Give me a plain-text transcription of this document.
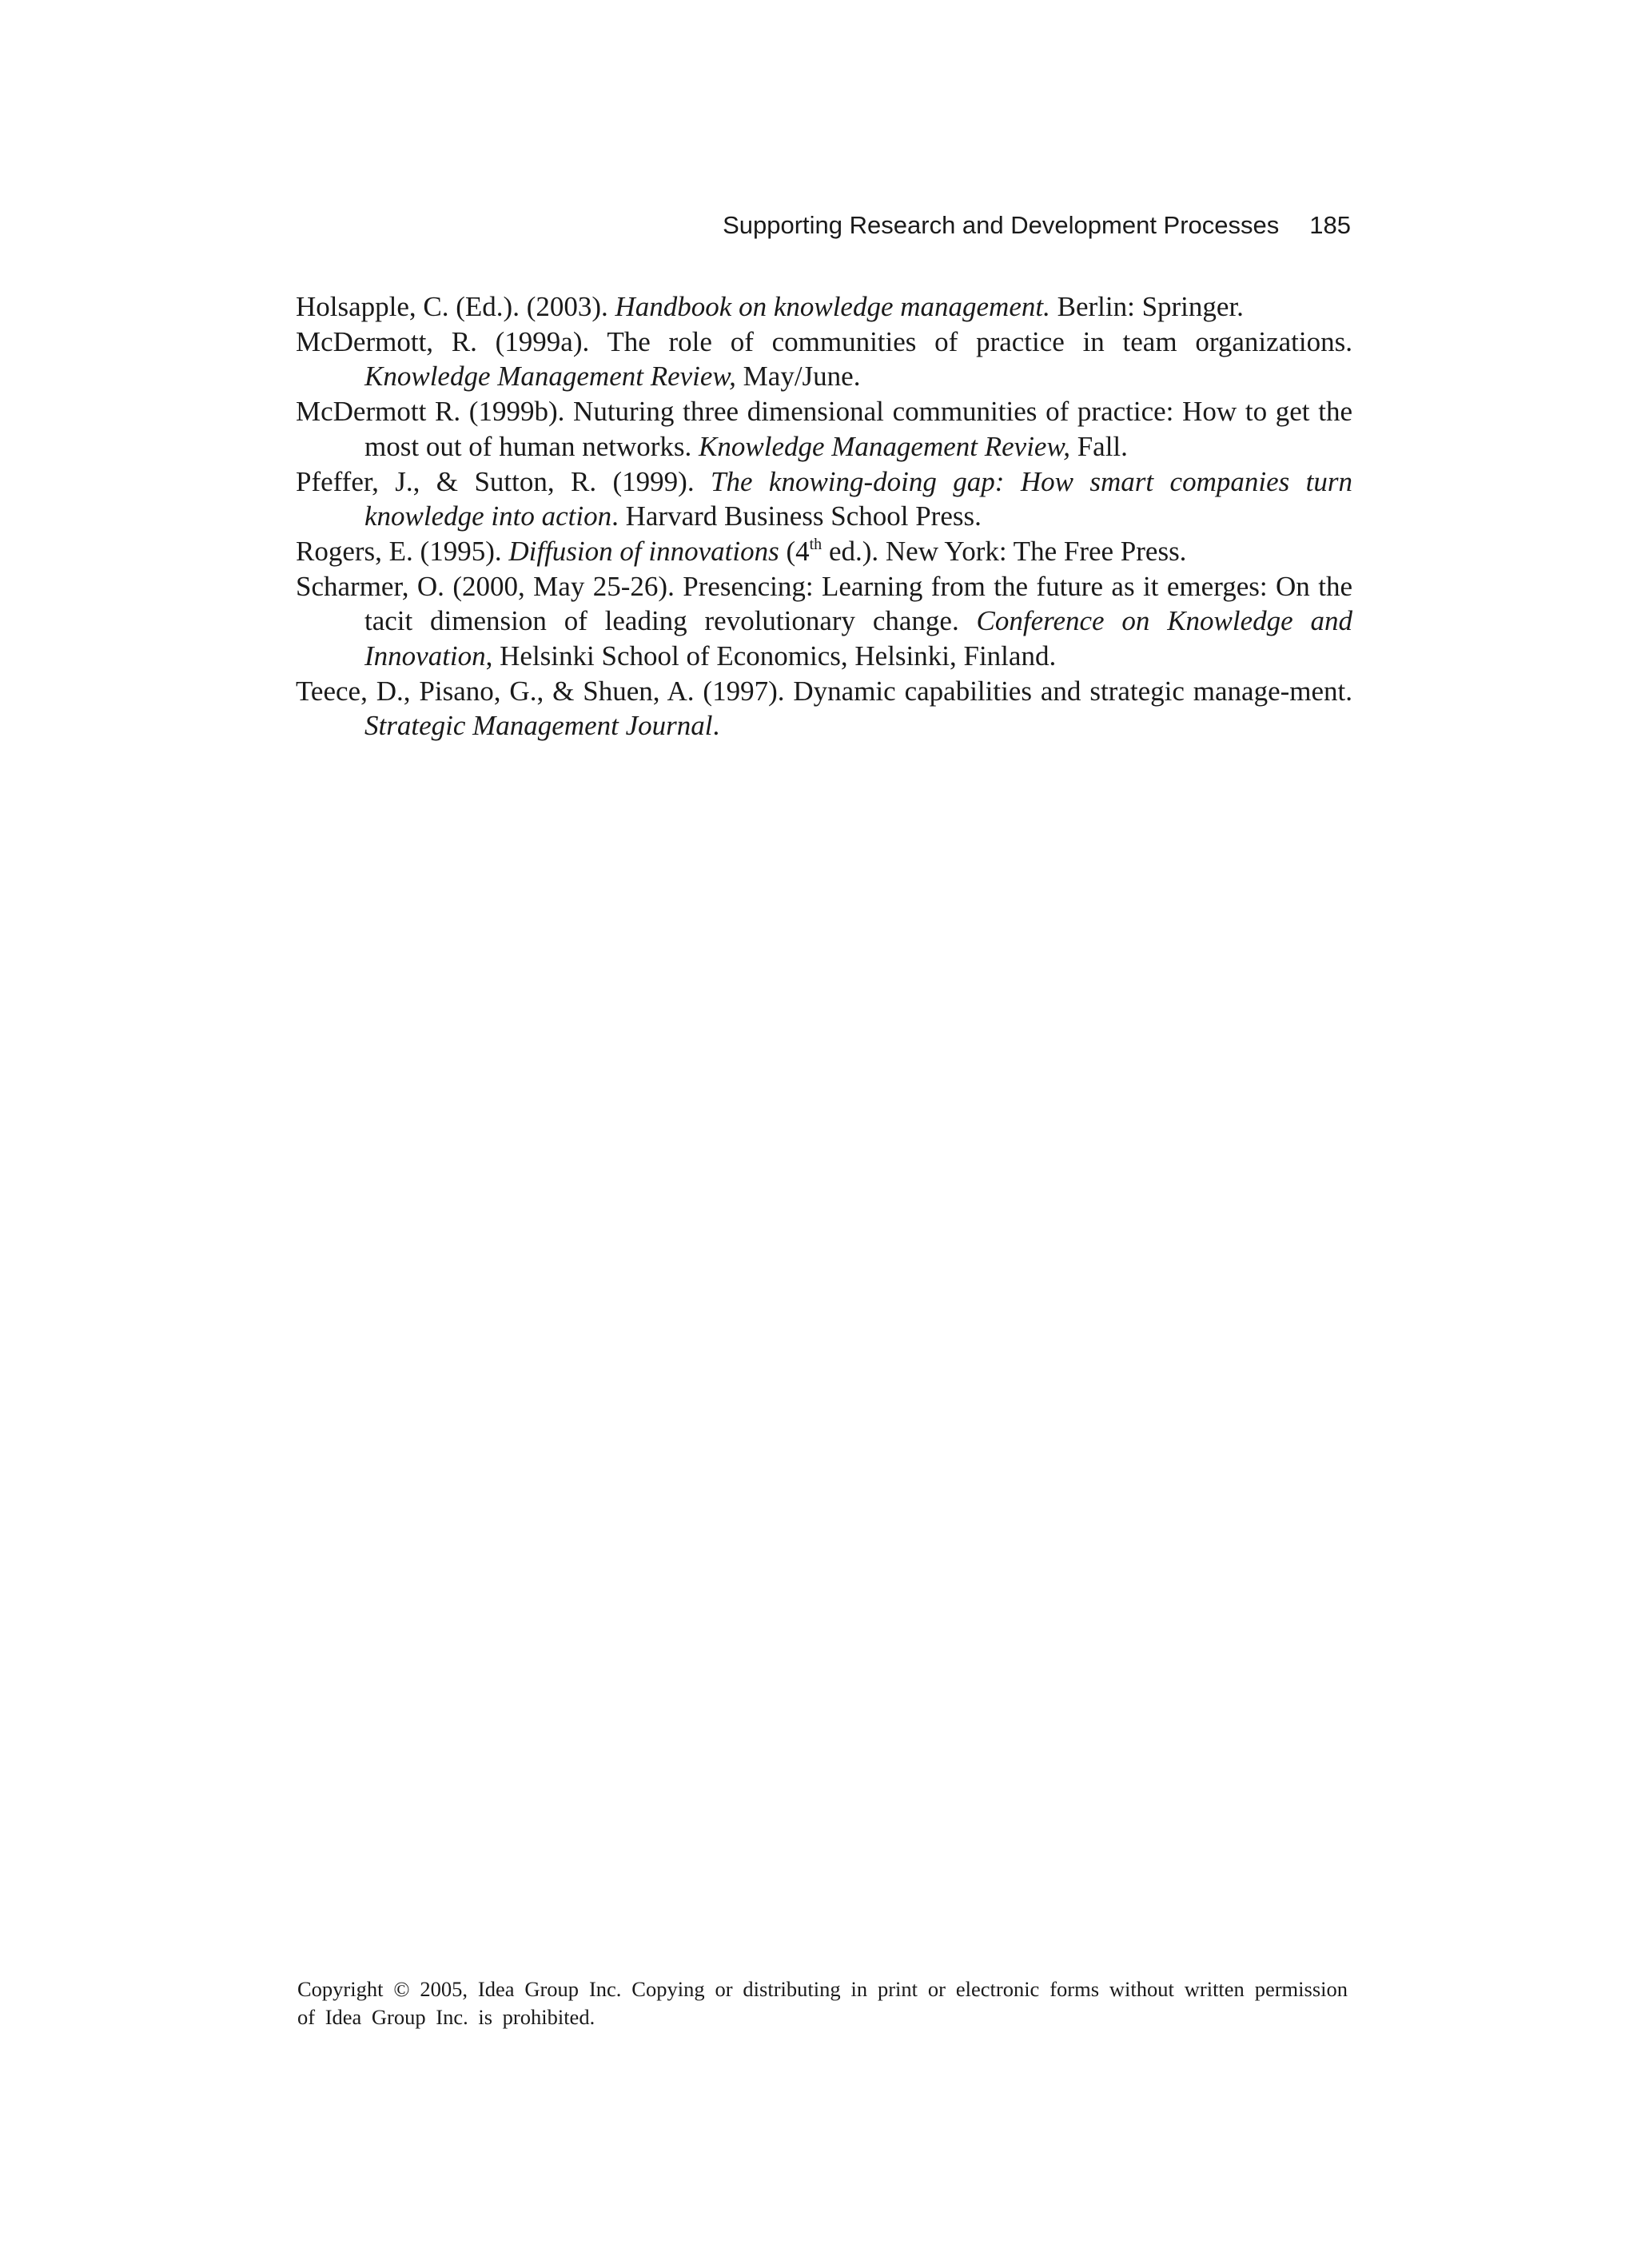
Supporting Research and Development Processes 185

Holsapple, C. (Ed.). (2003). Handbook on knowledge management. Berlin: Springer.

McDermott, R. (1999a). The role of communities of practice in team organizations. Knowledge Management Review, May/June.

McDermott R. (1999b). Nuturing three dimensional communities of practice: How to get the most out of human networks. Knowledge Management Review, Fall.

Pfeffer, J., & Sutton, R. (1999). The knowing-doing gap: How smart companies turn knowledge into action. Harvard Business School Press.

Rogers, E. (1995). Diffusion of innovations (4th ed.). New York: The Free Press.

Scharmer, O. (2000, May 25-26). Presencing: Learning from the future as it emerges: On the tacit dimension of leading revolutionary change. Conference on Knowledge and Innovation, Helsinki School of Economics, Helsinki, Finland.

Teece, D., Pisano, G., & Shuen, A. (1997). Dynamic capabilities and strategic manage-ment. Strategic Management Journal.

Copyright © 2005, Idea Group Inc. Copying or distributing in print or electronic forms without written permission of Idea Group Inc. is prohibited.
